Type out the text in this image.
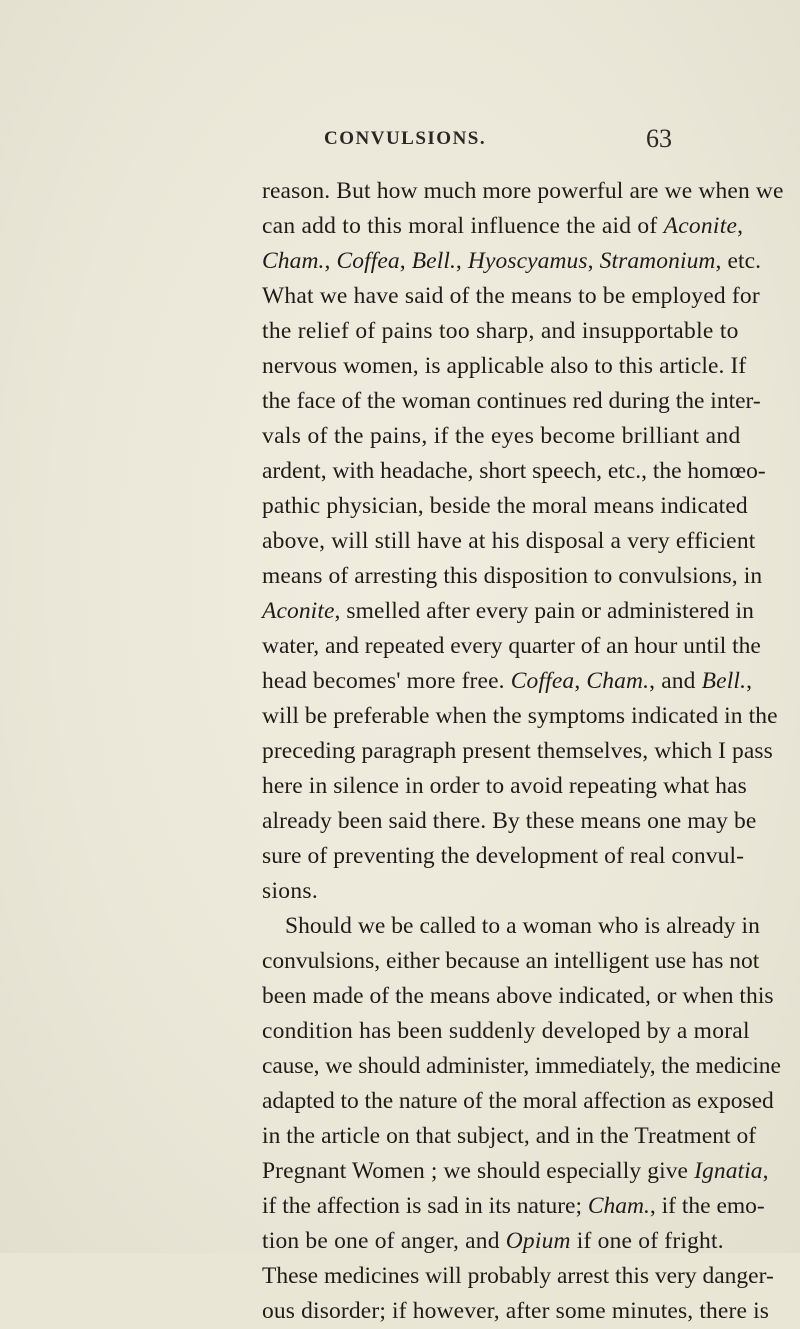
CONVULSIONS.	63
reason. But how much more powerful are we when we
can add to this moral influence the aid of Aconite,
Cham., Coffea, Bell., Hyoscyamus, Stramonium, etc.
What we have said of the means to be employed for
the relief of pains too sharp, and insupportable to
nervous women, is applicable also to this article. If
the face of the woman continues red during the inter-
vals of the pains, if the eyes become brilliant and
ardent, with headache, short speech, etc., the homœo-
pathic physician, beside the moral means indicated
above, will still have at his disposal a very efficient
means of arresting this disposition to convulsions, in
Aconite, smelled after every pain or administered in
water, and repeated every quarter of an hour until the
head becomes' more free. Coffea, Cham., and Bell.,
will be preferable when the symptoms indicated in the
preceding paragraph present themselves, which I pass
here in silence in order to avoid repeating what has
already been said there. By these means one may be
sure of preventing the development of real convul-
sions.
Should we be called to a woman who is already in
convulsions, either because an intelligent use has not
been made of the means above indicated, or when this
condition has been suddenly developed by a moral
cause, we should administer, immediately, the medicine
adapted to the nature of the moral affection as exposed
in the article on that subject, and in the Treatment of
Pregnant Women ; we should especially give Ignatia,
if the affection is sad in its nature; Cham., if the emo-
tion be one of anger, and Opium if one of fright.
These medicines will probably arrest this very danger-
ous disorder; if however, after some minutes, there is
